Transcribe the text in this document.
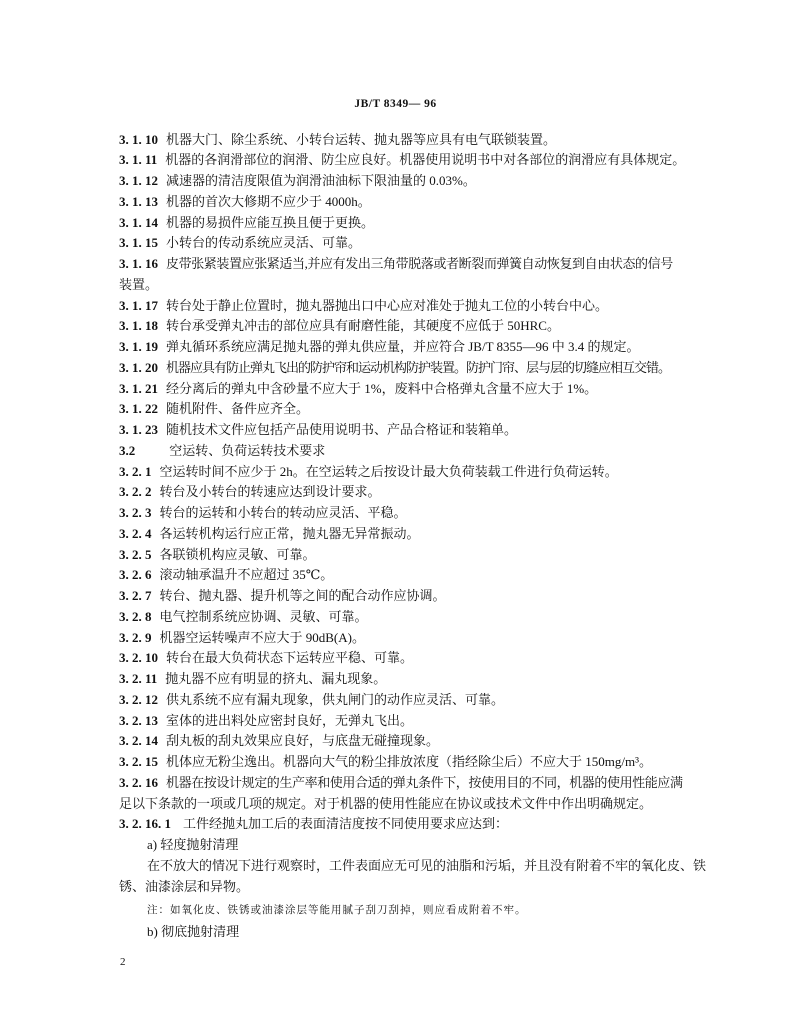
JB/T 8349— 96
3. 1. 10 机器大门、除尘系统、小转台运转、抛丸器等应具有电气联锁装置。
3. 1. 11 机器的各润滑部位的润滑、防尘应良好。机器使用说明书中对各部位的润滑应有具体规定。
3. 1. 12 减速器的清洁度限值为润滑油油标下限油量的 0.03%。
3. 1. 13 机器的首次大修期不应少于 4000h。
3. 1. 14 机器的易损件应能互换且便于更换。
3. 1. 15 小转台的传动系统应灵活、可靠。
3. 1. 16 皮带张紧装置应张紧适当,并应有发出三角带脱落或者断裂而弹簧自动恢复到自由状态的信号
装置。
3. 1. 17 转台处于静止位置时，抛丸器抛出口中心应对准处于抛丸工位的小转台中心。
3. 1. 18 转台承受弹丸冲击的部位应具有耐磨性能，其硬度不应低于 50HRC。
3. 1. 19 弹丸循环系统应满足抛丸器的弹丸供应量，并应符合 JB/T 8355—96 中 3.4 的规定。
3. 1. 20 机器应具有防止弹丸飞出的防护帘和运动机构防护装置。防护门帘、层与层的切缝应相互交错。
3. 1. 21 经分离后的弹丸中含砂量不应大于 1%，废料中合格弹丸含量不应大于 1%。
3. 1. 22 随机附件、备件应齐全。
3. 1. 23 随机技术文件应包括产品使用说明书、产品合格证和装箱单。
3.2	空运转、负荷运转技术要求
3. 2. 1 空运转时间不应少于 2h。在空运转之后按设计最大负荷装载工件进行负荷运转。
3. 2. 2 转台及小转台的转速应达到设计要求。
3. 2. 3 转台的运转和小转台的转动应灵活、平稳。
3. 2. 4 各运转机构运行应正常，抛丸器无异常振动。
3. 2. 5 各联锁机构应灵敏、可靠。
3. 2. 6 滚动轴承温升不应超过 35℃。
3. 2. 7 转台、抛丸器、提升机等之间的配合动作应协调。
3. 2. 8 电气控制系统应协调、灵敏、可靠。
3. 2. 9 机器空运转噪声不应大于 90dB(A)。
3. 2. 10 转台在最大负荷状态下运转应平稳、可靠。
3. 2. 11 抛丸器不应有明显的挤丸、漏丸现象。
3. 2. 12 供丸系统不应有漏丸现象，供丸闸门的动作应灵活、可靠。
3. 2. 13 室体的进出料处应密封良好，无弹丸飞出。
3. 2. 14 刮丸板的刮丸效果应良好，与底盘无碰撞现象。
3. 2. 15 机体应无粉尘逸出。机器向大气的粉尘排放浓度（指经除尘后）不应大于 150mg/m³。
3. 2. 16 机器在按设计规定的生产率和使用合适的弹丸条件下，按使用目的不同，机器的使用性能应满
足以下条款的一项或几项的规定。对于机器的使用性能应在协议或技术文件中作出明确规定。
3. 2. 16. 1 工件经抛丸加工后的表面清洁度按不同使用要求应达到：
a) 轻度抛射清理
在不放大的情况下进行观察时，工件表面应无可见的油脂和污垢，并且没有附着不牢的氧化皮、铁
锈、油漆涂层和异物。
注：如氧化皮、铁锈或油漆涂层等能用腻子刮刀刮掉，则应看成附着不牢。
b) 彻底抛射清理
2
